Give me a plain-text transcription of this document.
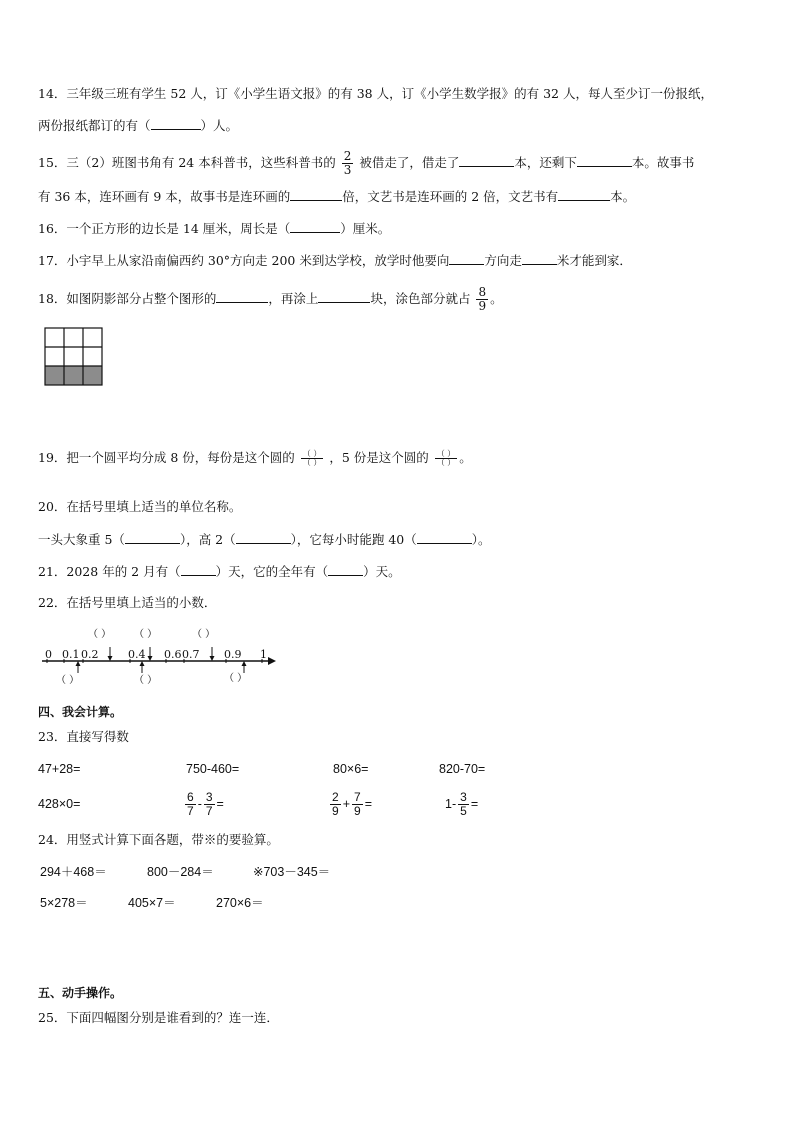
14．三年级三班有学生 52 人，订《小学生语文报》的有 38 人，订《小学生数学报》的有 32 人，每人至少订一份报纸，
两份报纸都订的有（	）人。
15．三（2）班图书角有 24 本科普书，这些科普书的 $\frac{2}{3}$ 被借走了，借走了	本，还剩下	本。故事书
有 36 本，连环画有 9 本，故事书是连环画的	倍，文艺书是连环画的 2 倍，文艺书有	本。
16．一个正方形的边长是 14 厘米，周长是（	）厘米。
17．小宇早上从家沿南偏西约 30°方向走 200 米到达学校，放学时他要向	方向走	米才能到家．
18．如图阴影部分占整个图形的	，再涂上	块，涂色部分就占 $\frac{8}{9}$ 。
19．把一个圆平均分成 8 份，每份是这个圆的 $\frac{( )}{( )}$ ，5 份是这个圆的 $\frac{( )}{( )}$ 。
20．在括号里填上适当的单位名称。
一头大象重 5（	），高 2（	），它每小时能跑 40（	）。
21．2028 年的 2 月有（	）天，它的全年有（	）天。
22．在括号里填上适当的小数．
0 0.1 0.2	0.4 0.6 0.7 0.9 1
（ ） （ ）	（ ）
（ ）	（ ）	（ ）
四、我会计算。
23．直接写得数
47+28=	750-460=	80×6=	820-70=
428×0=	$\frac{6}{7} - \frac{3}{7}$ =	$\frac{2}{9} + \frac{7}{9}$ =	$1- \frac{3}{5}$ =
24．用竖式计算下面各题，带※的要验算。
294＋468＝	800－284＝	※703－345＝
5×278＝	405×7＝	270×6＝
五、动手操作。
25．下面四幅图分别是谁看到的？连一连．
